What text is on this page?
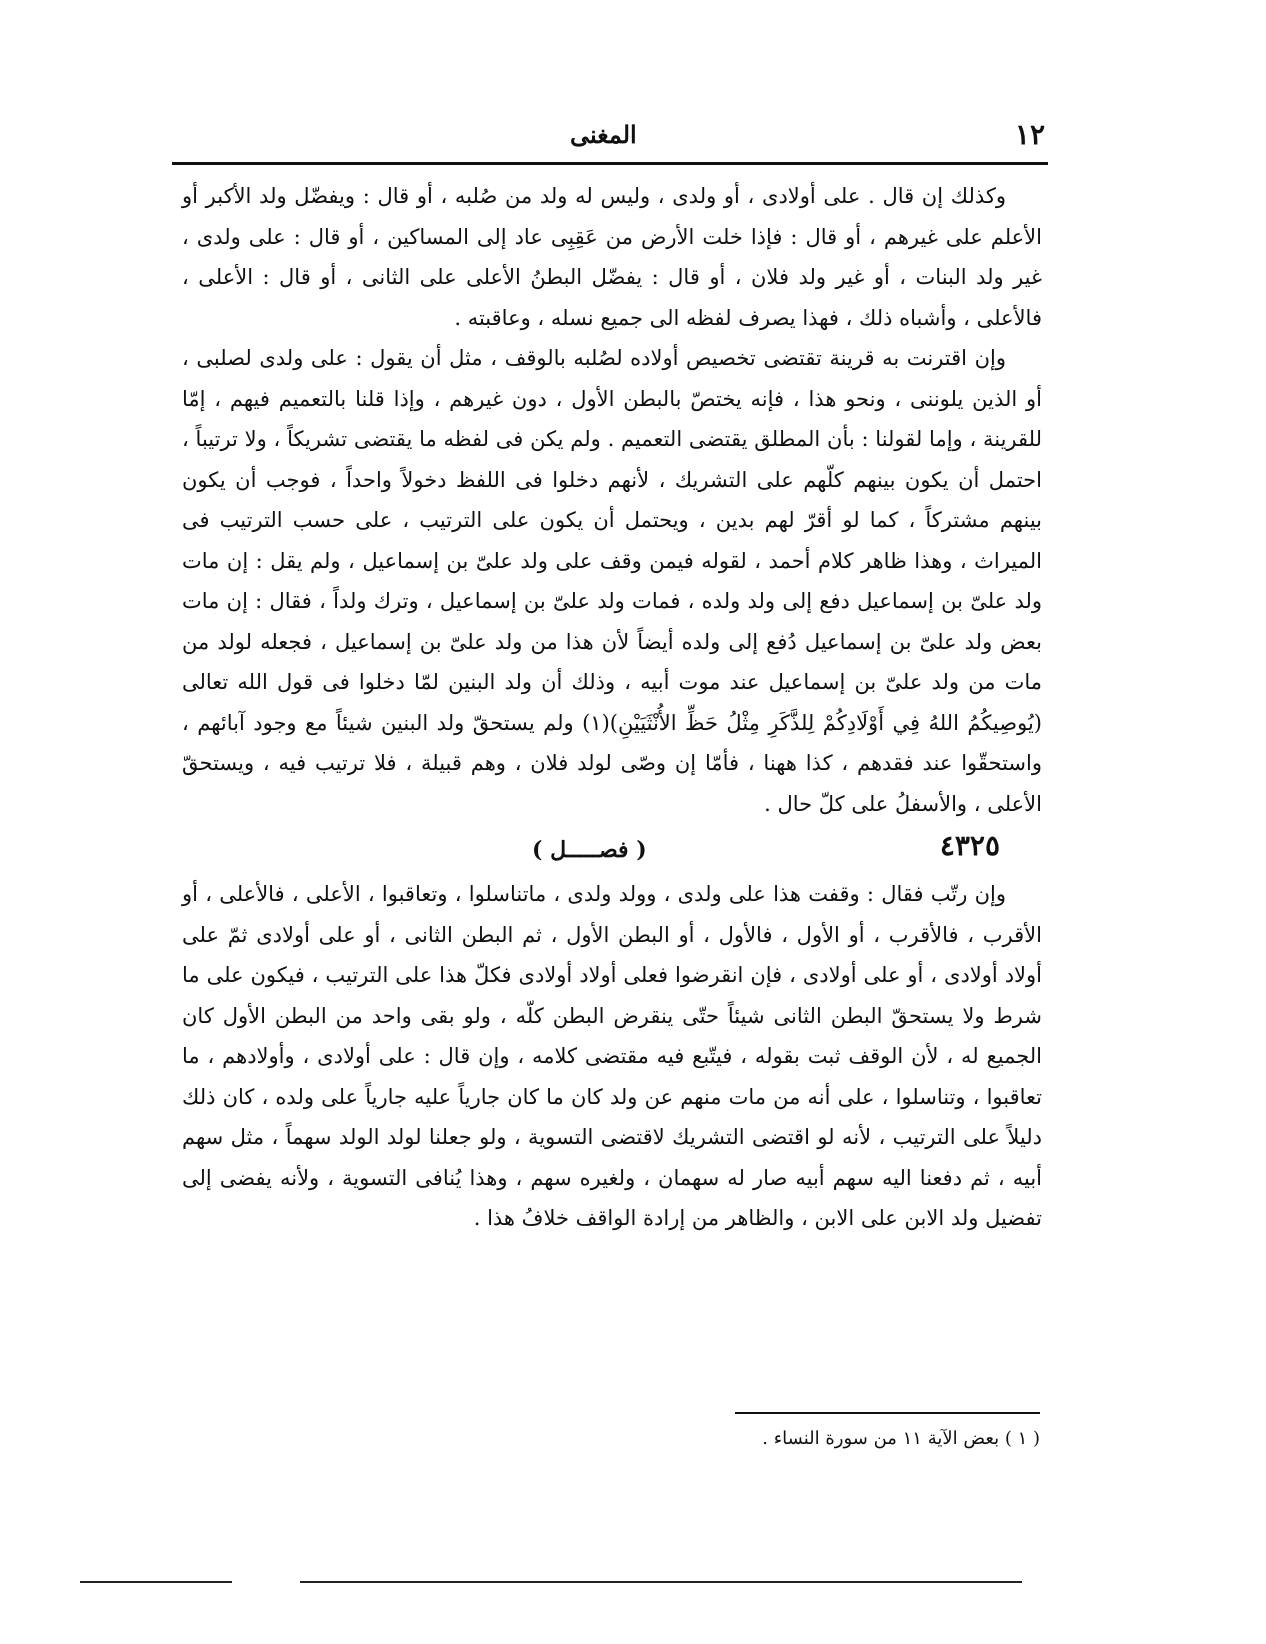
١٢
المغنى

وكذلك إن قال . على أولادى ، أو ولدى ، وليس له ولد من صُلبه ، أو قال : ويفضّل ولد الأكبر أو الأعلم على غيرهم ، أو قال : فإذا خلت الأرض من عَقِبِى عاد إلى المساكين ، أو قال : على ولدى ، غير ولد البنات ، أو غير ولد فلان ، أو قال : يفضّل البطنُ الأعلى على الثانى ، أو قال : الأعلى ، فالأعلى ، وأشباه ذلك ، فهذا يصرف لفظه الى جميع نسله ، وعاقبته .

وإن اقترنت به قرينة تقتضى تخصيص أولاده لصُلبه بالوقف ، مثل أن يقول : على ولدى لصلبى ، أو الذين يلوننى ، ونحو هذا ، فإنه يختصّ بالبطن الأول ، دون غيرهم ، وإذا قلنا بالتعميم فيهم ، إمّا للقرينة ، وإما لقولنا : بأن المطلق يقتضى التعميم . ولم يكن فى لفظه ما يقتضى تشريكاً ، ولا ترتيباً ، احتمل أن يكون بينهم كلّهم على التشريك ، لأنهم دخلوا فى اللفظ دخولاً واحداً ، فوجب أن يكون بينهم مشتركاً ، كما لو أقرّ لهم بدين ، ويحتمل أن يكون على الترتيب ، على حسب الترتيب فى الميراث ، وهذا ظاهر كلام أحمد ، لقوله فيمن وقف على ولد علىّ بن إسماعيل ، ولم يقل : إن مات ولد علىّ بن إسماعيل دفع إلى ولد ولده ، فمات ولد علىّ بن إسماعيل ، وترك ولداً ، فقال : إن مات بعض ولد علىّ بن إسماعيل دُفع إلى ولده أيضاً لأن هذا من ولد علىّ بن إسماعيل ، فجعله لولد من مات من ولد علىّ بن إسماعيل عند موت أبيه ، وذلك أن ولد البنين لمّا دخلوا فى قول الله تعالى (يُوصِيكُمُ اللهُ فِي أَوْلَادِكُمْ لِلذَّكَرِ مِثْلُ حَظِّ الأُنْثَيَيْنِ)(١) ولم يستحقّ ولد البنين شيئاً مع وجود آبائهم ، واستحقّوا عند فقدهم ، كذا ههنا ، فأمّا إن وصّى لولد فلان ، وهم قبيلة ، فلا ترتيب فيه ، ويستحقّ الأعلى ، والأسفلُ على كلّ حال .

٤٣٢٥
( فصـــــل )

وإن رتّب فقال : وقفت هذا على ولدى ، وولد ولدى ، ماتناسلوا ، وتعاقبوا ، الأعلى ، فالأعلى ، أو الأقرب ، فالأقرب ، أو الأول ، فالأول ، أو البطن الأول ، ثم البطن الثانى ، أو على أولادى ثمّ على أولاد أولادى ، أو على أولادى ، فإن انقرضوا فعلى أولاد أولادى فكلّ هذا على الترتيب ، فيكون على ما شرط ولا يستحقّ البطن الثانى شيئاً حتّى ينقرض البطن كلّه ، ولو بقى واحد من البطن الأول كان الجميع له ، لأن الوقف ثبت بقوله ، فيتّبع فيه مقتضى كلامه ، وإن قال : على أولادى ، وأولادهم ، ما تعاقبوا ، وتناسلوا ، على أنه من مات منهم عن ولد كان ما كان جارياً عليه جارياً على ولده ، كان ذلك دليلاً على الترتيب ، لأنه لو اقتضى التشريك لاقتضى التسوية ، ولو جعلنا لولد الولد سهماً ، مثل سهم أبيه ، ثم دفعنا اليه سهم أبيه صار له سهمان ، ولغيره سهم ، وهذا يُنافى التسوية ، ولأنه يفضى إلى تفضيل ولد الابن على الابن ، والظاهر من إرادة الواقف خلافُ هذا .

( ١ ) بعض الآية ١١ من سورة النساء .
